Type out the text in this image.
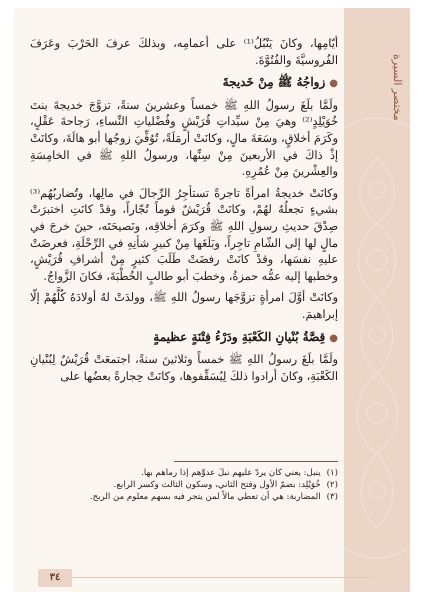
مختصر السيرة

أيّامِها، وكانَ يَنْبُلُ⁽¹⁾ على أعمامِه، وبذلكَ عرفَ الحَرْبَ وعَرَفَ الفُروسيَّةَ والفُتُوَّةَ.

●زواجُهُ ﷺ مِنْ خَديجةَ

ولَمَّا بلَغَ رسولُ اللهِ ﷺ خمساً وعشرينَ سنةً، تزوَّجَ خديجةَ بنتَ خُوَيْلِدٍ⁽²⁾ وهيَ مِنْ سيِّداتِ قُرَيْشٍ وفُضْلياتِ النِّساءِ، رَجاحةَ عَقْلٍ، وكَرَمَ أخلاقٍ، وسَعَةَ مالٍ، وكانَتْ أرمَلَةً، تُوُفِّيَ زوجُها أبو هالَةَ، وكانَتْ إذْ ذاكَ في الأربعينَ مِنْ سِنِّها، ورسولُ اللهِ ﷺ في الخامِسَةِ والعِشْرينَ مِنْ عُمُرِهِ.

وكانَتْ خديجةُ امرأةً تاجرةً تستأجِرُ الرِّجالَ في مالِها، وتُضاربُهُم⁽³⁾ بشيءٍ تجعلُهُ لهُمْ، وكانَتْ قُرَيْشٌ قوماً تُجّاراً، وقدْ كانَتِ اختبرَتْ صِدْقَ حديثِ رسولِ اللهِ ﷺ وكرَمَ أخلاقِه، ونَصيحَتَه، حينَ خرجَ في مالٍ لها إلى الشّامِ تاجِراً، وبَلَغَها مِنْ كبيرِ شأنِهِ في الرِّحْلَةِ، فعرضَتْ عليهِ نفسَها، وقدْ كانَتْ رفضَتْ طَلَبَ كثيرٍ مِنْ أشرافِ قُرَيْشٍ، وخطبها إليه عمُّه حمزةُ، وخطبَ أبو طالبٍ الخُطْبَةَ، فكانَ الزَّواجُ.

وكانَتْ أوَّلَ امرأةٍ تزوَّجَها رسولُ اللهِ ﷺ، وولدَتْ لهُ أولادَهُ كُلَّهُمْ إلّا إبراهيمَ.

●قِصَّةُ بُنْيانِ الكَعْبَةِ ودَرْءُ فِتْنَةٍ عظيمةٍ

ولَمَّا بلَغَ رسولُ اللهِ ﷺ خمساً وثلاثينَ سنةً، اجتمعَتْ قُرَيْشٌ لِبُنْيانِ الكَعْبَةِ، وكانَ أرادوا ذلكَ لِيُسَقِّفوها، وكانَتْ حِجارةً بعضُها على

(١)
ينبل: يعني كان يردّ عليهم نبلَ عدوِّهم إذا رماهم بها.
(٢)
خُوَيْلِد: بضمّ الأول وفتح الثاني، وسكون الثالث وكسر الرابع.
(٣)
المضاربة: هي أن تعطي مالاً لمن يتجر فيه بسهم معلوم من الربح.
٣٤
